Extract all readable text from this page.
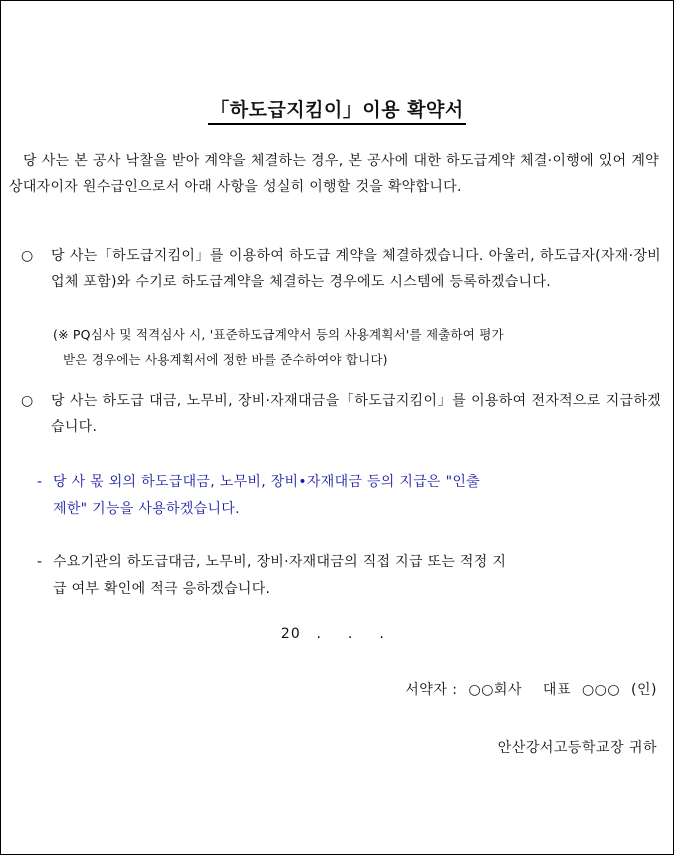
「하도급지킴이」이용 확약서
당 사는 본 공사 낙찰을 받아 계약을 체결하는 경우, 본 공사에 대한 하도급계약 체결·이행에 있어 계약상대자이자 원수급인으로서 아래 사항을 성실히 이행할 것을 확약합니다.
○	당 사는「하도급지킴이」를 이용하여 하도급 계약을 체결하겠습니다. 아울러, 하도급자(자재·장비업체 포함)와 수기로 하도급계약을 체결하는 경우에도 시스템에 등록하겠습니다.
(※ PQ심사 및 적격심사 시, '표준하도급계약서 등의 사용계획서'를 제출하여 평가
받은 경우에는 사용계획서에 정한 바를 준수하여야 합니다)
○	당 사는 하도급 대금, 노무비, 장비·자재대금을「하도급지킴이」를 이용하여 전자적으로 지급하겠습니다.
- 당 사 몫 외의 하도급대금, 노무비, 장비•자재대금 등의 지급은 "인출
제한" 기능을 사용하겠습니다.
- 수요기관의 하도급대금, 노무비, 장비·자재대금의 직접 지급 또는 적정 지
급 여부 확인에 적극 응하겠습니다.
20 . . .
서약자 : ○○회사 대표 ○○○ (인)
안산강서고등학교장 귀하
